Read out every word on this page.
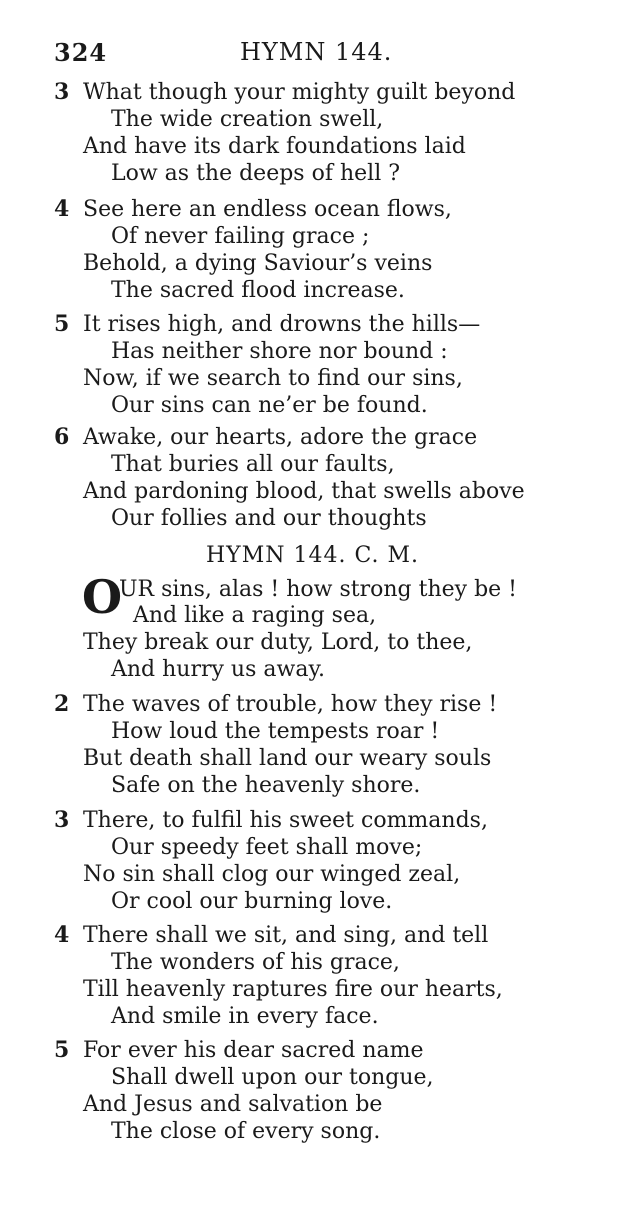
324	HYMN 144.
3 What though your mighty guilt beyond
The wide creation swell,
And have its dark foundations laid
Low as the deeps of hell ?
4 See here an endless ocean flows,
Of never failing grace ;
Behold, a dying Saviour’s veins
The sacred flood increase.
5 It rises high, and drowns the hills—
Has neither shore nor bound :
Now, if we search to find our sins,
Our sins can ne’er be found.
6 Awake, our hearts, adore the grace
That buries all our faults,
And pardoning blood, that swells above
Our follies and our thoughts
HYMN 144. C. M.
O
UR sins, alas ! how strong they be !
And like a raging sea,
They break our duty, Lord, to thee,
And hurry us away.
2 The waves of trouble, how they rise !
How loud the tempests roar !
But death shall land our weary souls
Safe on the heavenly shore.
3 There, to fulfil his sweet commands,
Our speedy feet shall move;
No sin shall clog our winged zeal,
Or cool our burning love.
4 There shall we sit, and sing, and tell
The wonders of his grace,
Till heavenly raptures fire our hearts,
And smile in every face.
5 For ever his dear sacred name
Shall dwell upon our tongue,
And Jesus and salvation be
The close of every song.
